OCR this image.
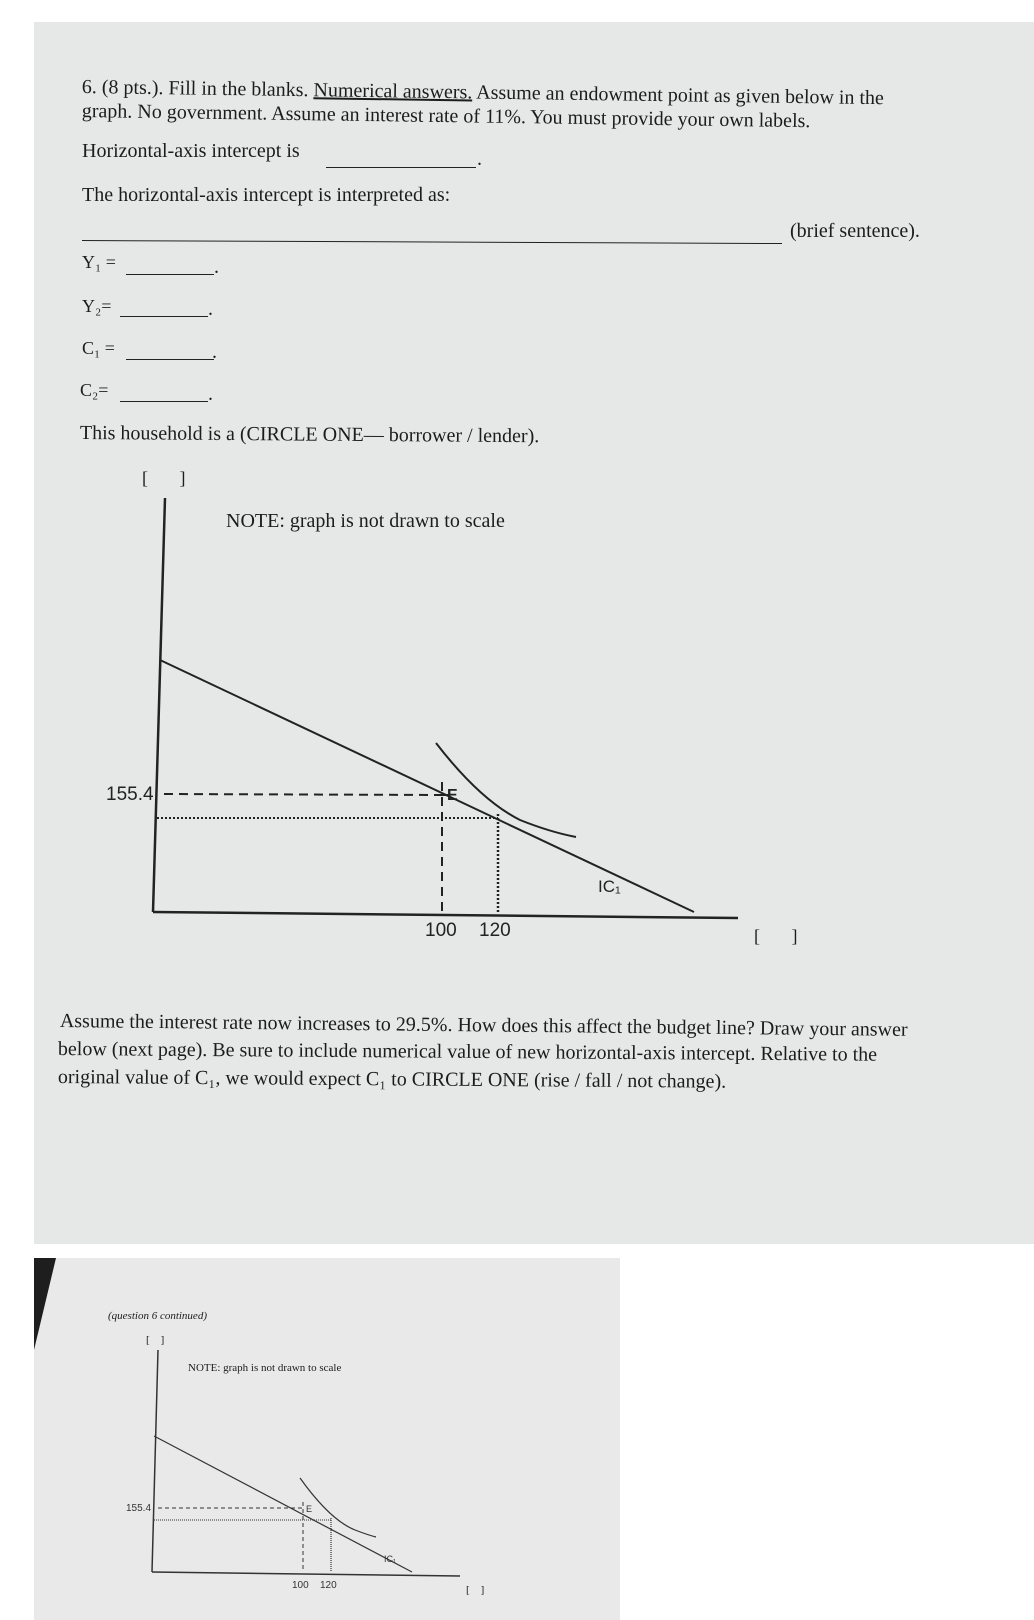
6. (8 pts.). Fill in the blanks. Numerical answers. Assume an endowment point as given below in the
graph. No government. Assume an interest rate of 11%. You must provide your own labels.
Horizontal-axis intercept is	.
The horizontal-axis intercept is interpreted as:
(brief sentence).
Y₁ =	.
Y₂=	.
C₁ =	.
C₂=	.
This household is a (CIRCLE ONE— borrower / lender).
[       ]
NOTE: graph is not drawn to scale
E
155.4
100 120
IC₁
[       ]
Assume the interest rate now increases to 29.5%. How does this affect the budget line? Draw your answer
below (next page). Be sure to include numerical value of new horizontal-axis intercept. Relative to the
original value of C₁, we would expect C₁ to CIRCLE ONE (rise / fall / not change).
(question 6 continued)
[    ]
NOTE: graph is not drawn to scale
E
155.4
100 120
IC₁
[    ]
